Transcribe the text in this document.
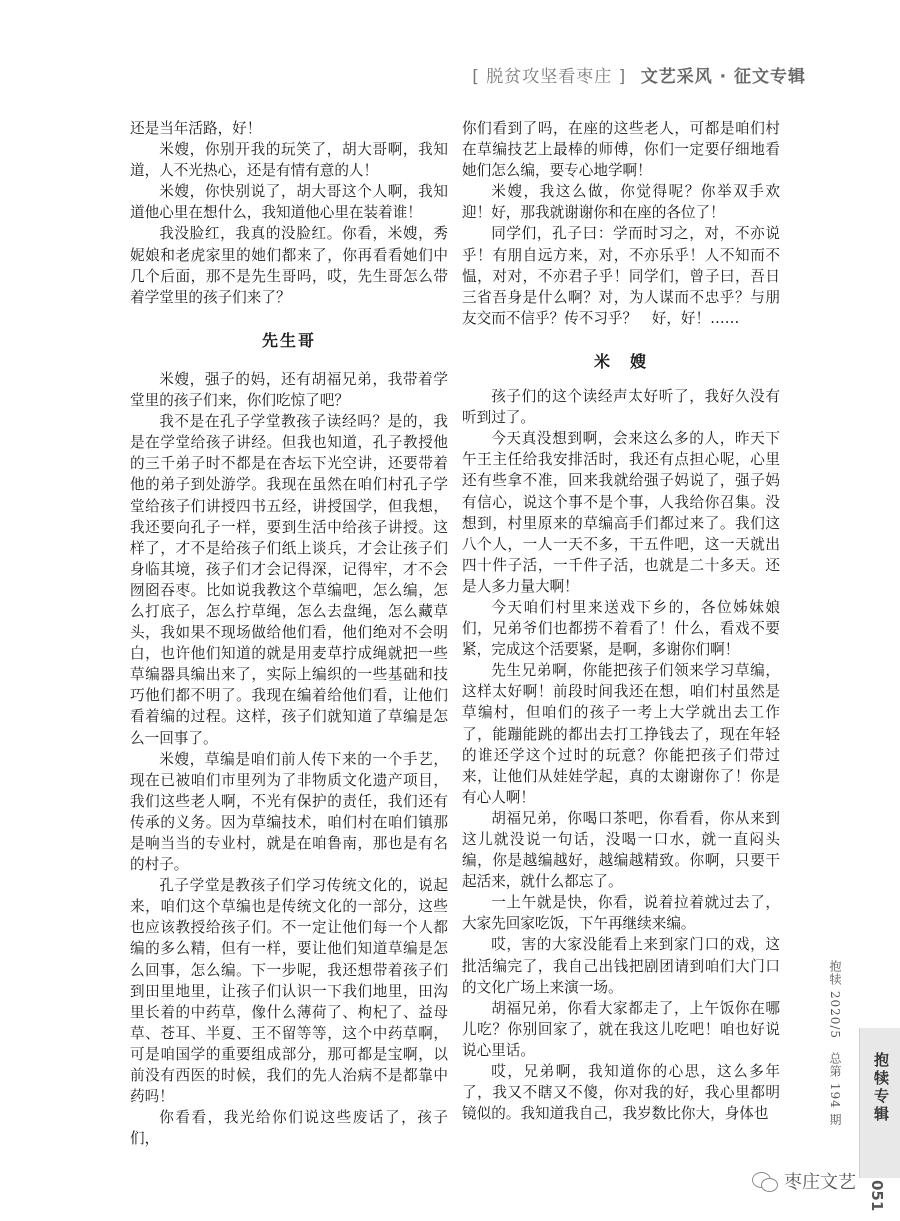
[ 脱贫攻坚看枣庄 ] 文艺采风 · 征文专辑

还是当年活路，好！

米嫂，你别开我的玩笑了，胡大哥啊，我知道，人不光热心，还是有情有意的人！

米嫂，你快别说了，胡大哥这个人啊，我知道他心里在想什么，我知道他心里在装着谁！

我没脸红，我真的没脸红。你看，米嫂，秀妮娘和老虎家里的她们都来了，你再看看她们中几个后面，那不是先生哥吗，哎，先生哥怎么带着学堂里的孩子们来了？

先生哥

米嫂，强子的妈，还有胡福兄弟，我带着学堂里的孩子们来，你们吃惊了吧？

我不是在孔子学堂教孩子读经吗？是的，我是在学堂给孩子讲经。但我也知道，孔子教授他的三千弟子时不都是在杏坛下光空讲，还要带着他的弟子到处游学。我现在虽然在咱们村孔子学堂给孩子们讲授四书五经，讲授国学，但我想，我还要向孔子一样，要到生活中给孩子讲授。这样了，才不是给孩子们纸上谈兵，才会让孩子们身临其境，孩子们才会记得深，记得牢，才不会囫囵吞枣。比如说我教这个草编吧，怎么编，怎么打底子，怎么拧草绳，怎么去盘绳，怎么藏草头，我如果不现场做给他们看，他们绝对不会明白，也许他们知道的就是用麦草拧成绳就把一些草编器具编出来了，实际上编织的一些基础和技巧他们都不明了。我现在编着给他们看，让他们看着编的过程。这样，孩子们就知道了草编是怎么一回事了。

米嫂，草编是咱们前人传下来的一个手艺，现在已被咱们市里列为了非物质文化遗产项目，我们这些老人啊，不光有保护的责任，我们还有传承的义务。因为草编技术，咱们村在咱们镇那是响当当的专业村，就是在咱鲁南，那也是有名的村子。

孔子学堂是教孩子们学习传统文化的，说起来，咱们这个草编也是传统文化的一部分，这些也应该教授给孩子们。不一定让他们每一个人都编的多么精，但有一样，要让他们知道草编是怎么回事，怎么编。下一步呢，我还想带着孩子们到田里地里，让孩子们认识一下我们地里，田沟里长着的中药草，像什么薄荷了、枸杞了、益母草、苍耳、半夏、王不留等等，这个中药草啊，可是咱国学的重要组成部分，那可都是宝啊，以前没有西医的时候，我们的先人治病不是都靠中药吗！

你看看，我光给你们说这些废话了，孩子们，

你们看到了吗，在座的这些老人，可都是咱们村在草编技艺上最棒的师傅，你们一定要仔细地看她们怎么编，要专心地学啊！

米嫂，我这么做，你觉得呢？你举双手欢迎！好，那我就谢谢你和在座的各位了！

同学们，孔子曰：学而时习之，对，不亦说乎！有朋自远方来，对，不亦乐乎！人不知而不愠，对对，不亦君子乎！同学们，曾子曰，吾日三省吾身是什么啊？对，为人谋而不忠乎？与朋友交而不信乎？传不习乎？　好，好！……

米　嫂

孩子们的这个读经声太好听了，我好久没有听到过了。

今天真没想到啊，会来这么多的人，昨天下午王主任给我安排活时，我还有点担心呢，心里还有些拿不准，回来我就给强子妈说了，强子妈有信心，说这个事不是个事，人我给你召集。没想到，村里原来的草编高手们都过来了。我们这八个人，一人一天不多，干五件吧，这一天就出四十件子活，一千件子活，也就是二十多天。还是人多力量大啊！

今天咱们村里来送戏下乡的，各位姊妹娘们，兄弟爷们也都捞不着看了！什么，看戏不要紧，完成这个活要紧，是啊，多谢你们啊！

先生兄弟啊，你能把孩子们领来学习草编，这样太好啊！前段时间我还在想，咱们村虽然是草编村，但咱们的孩子一考上大学就出去工作了，能蹦能跳的都出去打工挣钱去了，现在年轻的谁还学这个过时的玩意？你能把孩子们带过来，让他们从娃娃学起，真的太谢谢你了！你是有心人啊！

胡福兄弟，你喝口茶吧，你看看，你从来到这儿就没说一句话，没喝一口水，就一直闷头编，你是越编越好，越编越精致。你啊，只要干起活来，就什么都忘了。

一上午就是快，你看，说着拉着就过去了，大家先回家吃饭，下午再继续来编。

哎，害的大家没能看上来到家门口的戏，这批活编完了，我自己出钱把剧团请到咱们大门口的文化广场上来演一场。

胡福兄弟，你看大家都走了，上午饭你在哪儿吃？你别回家了，就在我这儿吃吧！咱也好说说心里话。

哎，兄弟啊，我知道你的心思，这么多年了，我又不瞎又不傻，你对我的好，我心里都明镜似的。我知道我自己，我岁数比你大，身体也	抱犊 2020/5　总第 194 期 抱犊专辑
051
枣庄文艺
